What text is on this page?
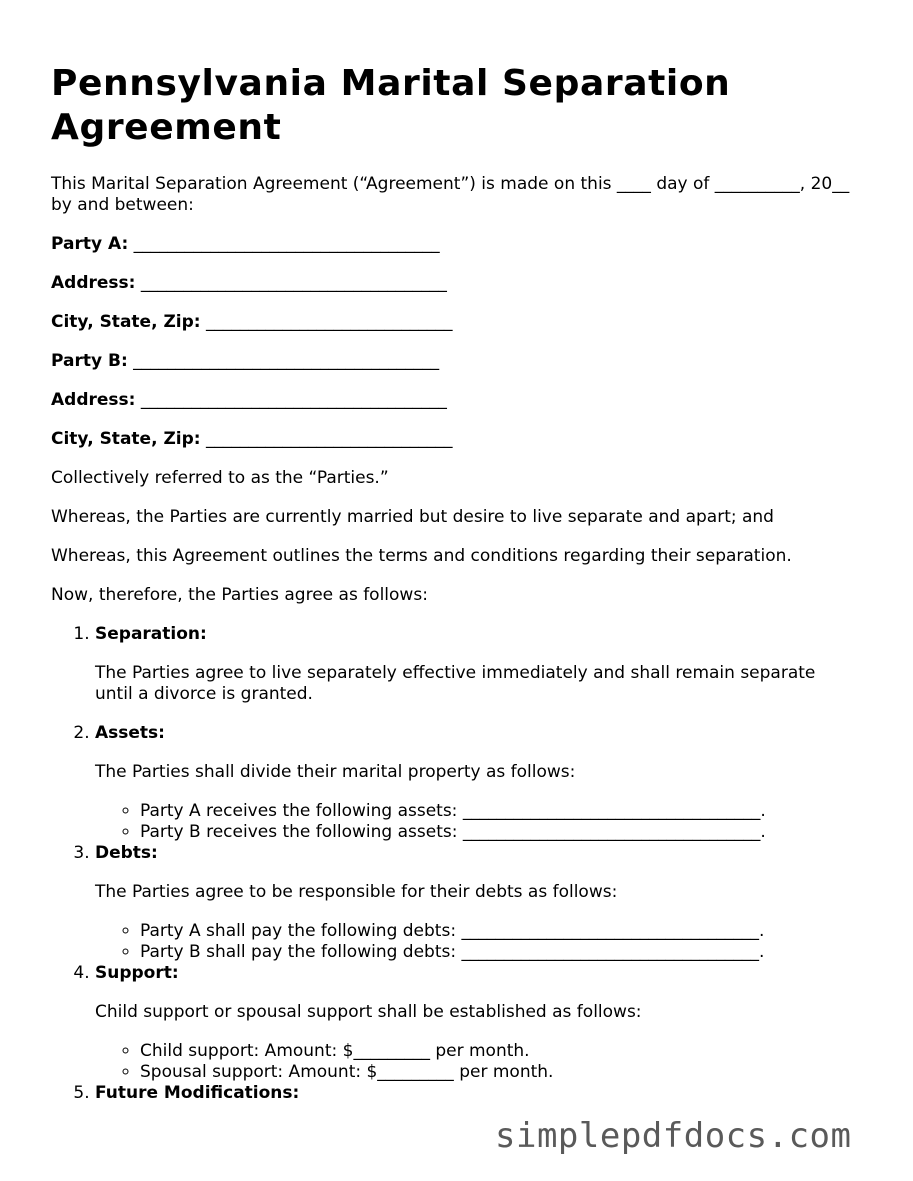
Pennsylvania Marital Separation Agreement

This Marital Separation Agreement (“Agreement”) is made on this ____ day of __________, 20__ by and between:

Party A: ____________________________________

Address: ____________________________________

City, State, Zip: _____________________________

Party B: ____________________________________

Address: ____________________________________

City, State, Zip: _____________________________

Collectively referred to as the “Parties.”

Whereas, the Parties are currently married but desire to live separate and apart; and

Whereas, this Agreement outlines the terms and conditions regarding their separation.

Now, therefore, the Parties agree as follows:

1. Separation:

The Parties agree to live separately effective immediately and shall remain separate until a divorce is granted.

2. Assets:

The Parties shall divide their marital property as follows:

◦ Party A receives the following assets: ___________________________________.
◦ Party B receives the following assets: ___________________________________.
3. Debts:

The Parties agree to be responsible for their debts as follows:

◦ Party A shall pay the following debts: ___________________________________.
◦ Party B shall pay the following debts: ___________________________________.
4. Support:

Child support or spousal support shall be established as follows:

◦ Child support: Amount: $_________ per month.
◦ Spousal support: Amount: $_________ per month.
5. Future Modifications:
simplepdfdocs.com
